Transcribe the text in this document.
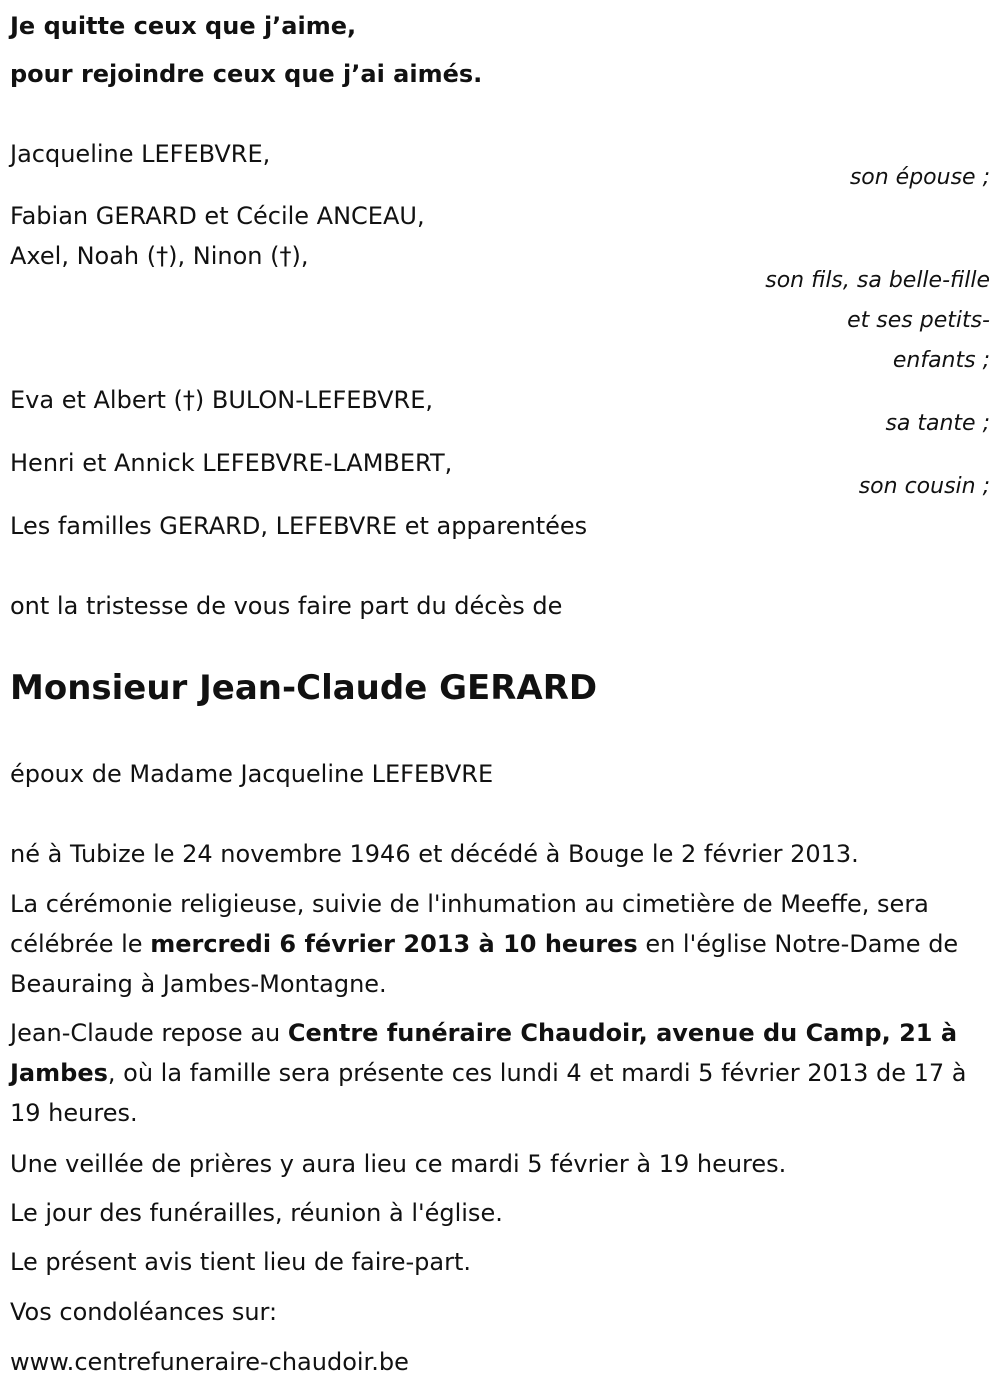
Je quitte ceux que j’aime,
pour rejoindre ceux que j’ai aimés.
Jacqueline LEFEBVRE,
son épouse ;
Fabian GERARD et Cécile ANCEAU,
Axel, Noah (†), Ninon (†),
son fils, sa belle-fille
et ses petits-
enfants ;
Eva et Albert (†) BULON-LEFEBVRE,
sa tante ;
Henri et Annick LEFEBVRE-LAMBERT,
son cousin ;
Les familles GERARD, LEFEBVRE et apparentées
ont la tristesse de vous faire part du décès de
Monsieur Jean-Claude GERARD
époux de Madame Jacqueline LEFEBVRE
né à Tubize le 24 novembre 1946 et décédé à Bouge le 2 février 2013.
La cérémonie religieuse, suivie de l'inhumation au cimetière de Meeffe, sera célébrée le mercredi 6 février 2013 à 10 heures en l'église Notre-Dame de Beauraing à Jambes-Montagne.
Jean-Claude repose au Centre funéraire Chaudoir, avenue du Camp, 21 à Jambes, où la famille sera présente ces lundi 4 et mardi 5 février 2013 de 17 à 19 heures.
Une veillée de prières y aura lieu ce mardi 5 février à 19 heures.
Le jour des funérailles, réunion à l'église.
Le présent avis tient lieu de faire-part.
Vos condoléances sur:
www.centrefuneraire-chaudoir.be
